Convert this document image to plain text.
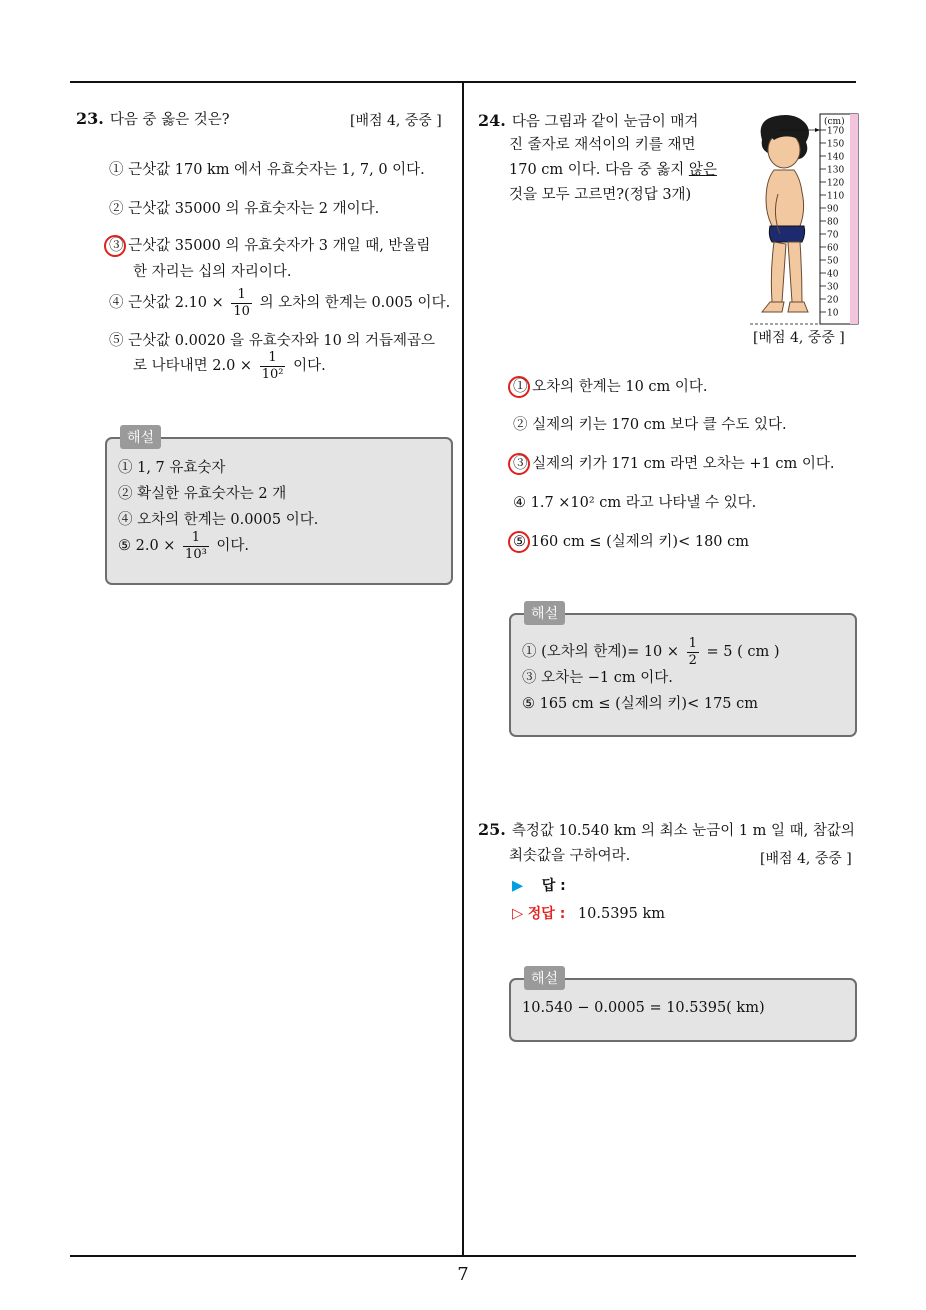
23. 다음 중 옳은 것은?	[배점 4, 중중 ]
① 근삿값 170 km 에서 유효숫자는 1, 7, 0 이다.
② 근삿값 35000 의 유효숫자는 2 개이다.
③ 근삿값 35000 의 유효숫자가 3 개일 때, 반올림
한 자리는 십의 자리이다.
④ 근삿값 $2.10 \times \frac{1}{10}$ 의 오차의 한계는 0.005 이다.
⑤ 근삿값 0.0020 을 유효숫자와 10 의 거듭제곱으
로 나타내면 $2.0 \times \frac{1}{\text{10²}}$ 이다.
해설
① 1, 7 유효숫자
② 확실한 유효숫자는 2 개
④ 오차의 한계는 0.0005 이다.
⑤ $2.0 \times \frac{1}{\text{10³}}$ 이다.
24. 다음 그림과 같이 눈금이 매겨
진 줄자로 재석이의 키를 재면
170 cm 이다. 다음 중 옳지 않은
것을 모두 고르면?(정답 3개)
(cm)
170
150
140
130
120
110
90
80
70
60
50
40
30
20
10
[배점 4, 중중 ]
① 오차의 한계는 10 cm 이다.
② 실제의 키는 170 cm 보다 클 수도 있다.
③ 실제의 키가 171 cm 라면 오차는 +1 cm 이다.
④ 1.7 ×10² cm 라고 나타낼 수 있다.
⑤ 160 cm ≤ (실제의 키)< 180 cm
해설
① (오차의 한계)= $10 \times \frac{1}{2} = 5$ ( cm )
③ 오차는 −1 cm 이다.
⑤ 165 cm ≤ (실제의 키)< 175 cm
25. 측정값 10.540 km 의 최소 눈금이 1 m 일 때, 참값의
최솟값을 구하여라.	[배점 4, 중중 ]
▶ 답 :
▷ 정답 : 10.5395 km
해설
10.540 − 0.0005 = 10.5395( km)
7
